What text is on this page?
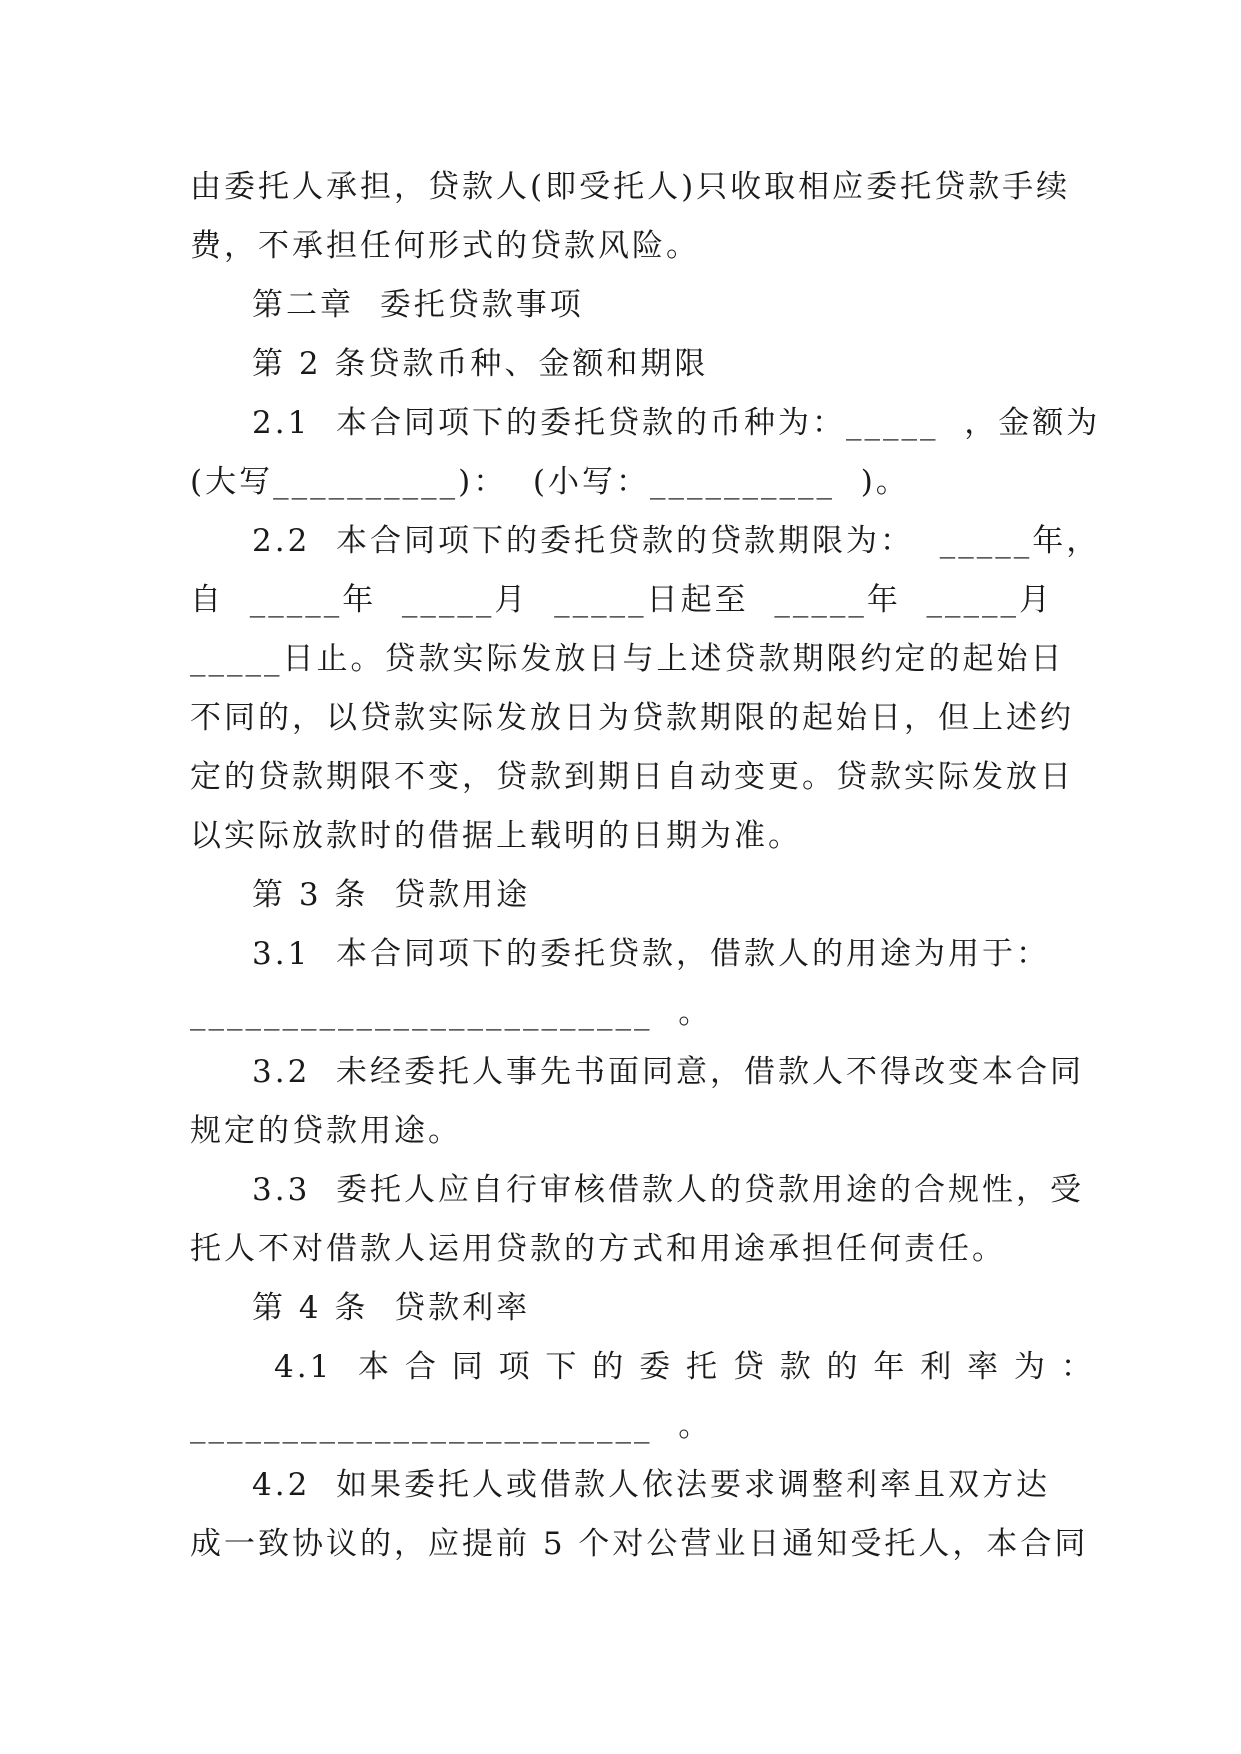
由委托人承担，贷款人(即受托人)只收取相应委托贷款手续
费，不承担任何形式的贷款风险。
第二章  委托贷款事项
第 2 条贷款币种、金额和期限
2.1  本合同项下的委托贷款的币种为：_____  ，金额为
(大写__________)：  (小写：__________  )。
2.2  本合同项下的委托贷款的贷款期限为：  _____年，
自  _____年  _____月  _____日起至  _____年  _____月
_____日止。贷款实际发放日与上述贷款期限约定的起始日
不同的，以贷款实际发放日为贷款期限的起始日，但上述约
定的贷款期限不变，贷款到期日自动变更。贷款实际发放日
以实际放款时的借据上载明的日期为准。
第 3 条  贷款用途
3.1  本合同项下的委托贷款，借款人的用途为用于：
_________________________  。
3.2  未经委托人事先书面同意，借款人不得改变本合同
规定的贷款用途。
3.3  委托人应自行审核借款人的贷款用途的合规性，受
托人不对借款人运用贷款的方式和用途承担任何责任。
第 4 条  贷款利率
4.1  本 合 同 项 下 的 委 托 贷 款 的 年 利 率 为 ：
_________________________  。
4.2  如果委托人或借款人依法要求调整利率且双方达
成一致协议的，应提前 5 个对公营业日通知受托人，本合同
